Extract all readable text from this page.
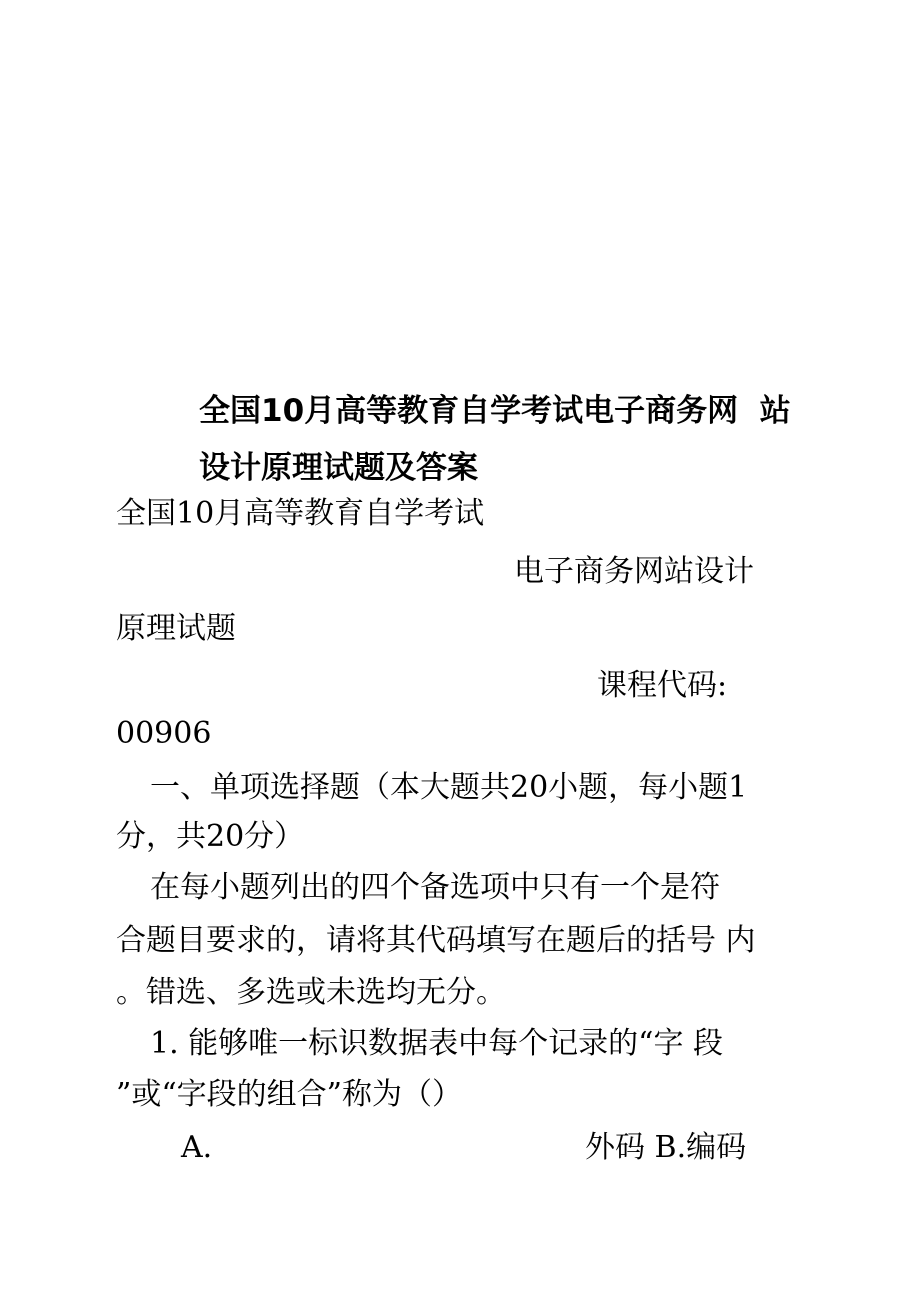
全国10月高等教育自学考试电子商务网  站
设计原理试题及答案
全国10月高等教育自学考试
电子商务网站设计
原理试题
课程代码:
00906
一、单项选择题（本大题共20小题，每小题1
分，共20分）
在每小题列出的四个备选项中只有一个是符
合题目要求的，请将其代码填写在题后的括号 内
。错选、多选或未选均无分。
1. 能够唯一标识数据表中每个记录的“字 段
”或“字段的组合”称为（）
A.	外码 B.编码
